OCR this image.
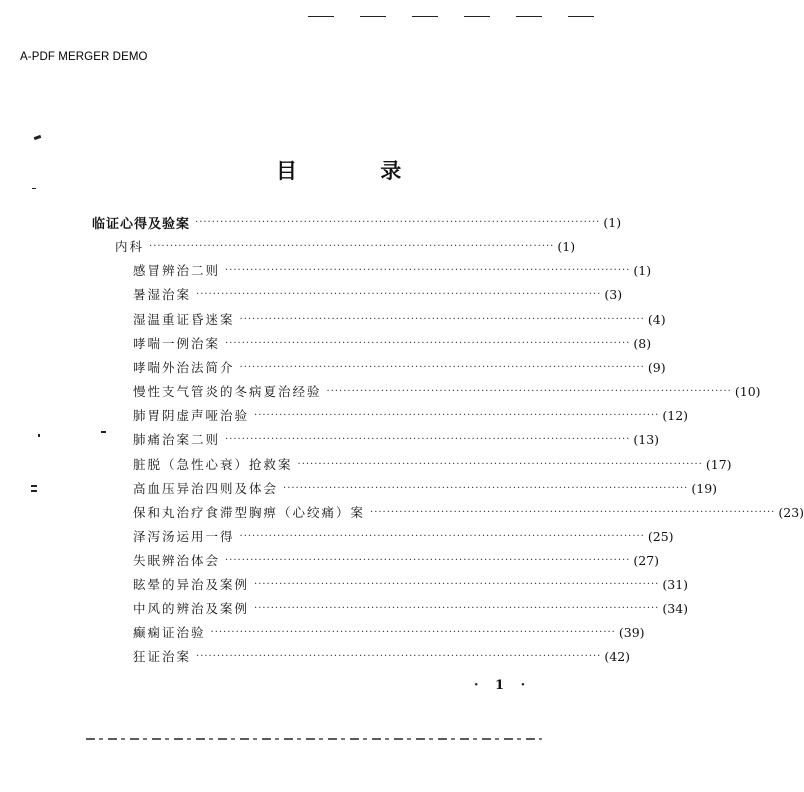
A-PDF MERGER DEMO
目 录
临证心得及验案 ································································································· ( 1 )
内科 ································································································· ( 1 )
感冒辨治二则 ································································································· ( 1 )
暑湿治案 ································································································· ( 3 )
湿温重证昏迷案 ································································································· ( 4 )
哮喘一例治案 ································································································· ( 8 )
哮喘外治法简介 ································································································· ( 9 )
慢性支气管炎的冬病夏治经验 ································································································· ( 10 )
肺胃阴虚声哑治验 ································································································· ( 12 )
肺痛治案二则 ································································································· ( 13 )
脏脱（急性心衰）抢救案 ································································································· ( 17 )
高血压异治四则及体会 ································································································· ( 19 )
保和丸治疗食滞型胸痹（心绞痛）案 ································································································· ( 23 )
泽泻汤运用一得 ································································································· ( 25 )
失眠辨治体会 ································································································· ( 27 )
眩晕的异治及案例 ································································································· ( 31 )
中风的辨治及案例 ································································································· ( 34 )
癫痫证治验 ································································································· ( 39 )
狂证治案 ································································································· ( 42 )
· 1 ·
